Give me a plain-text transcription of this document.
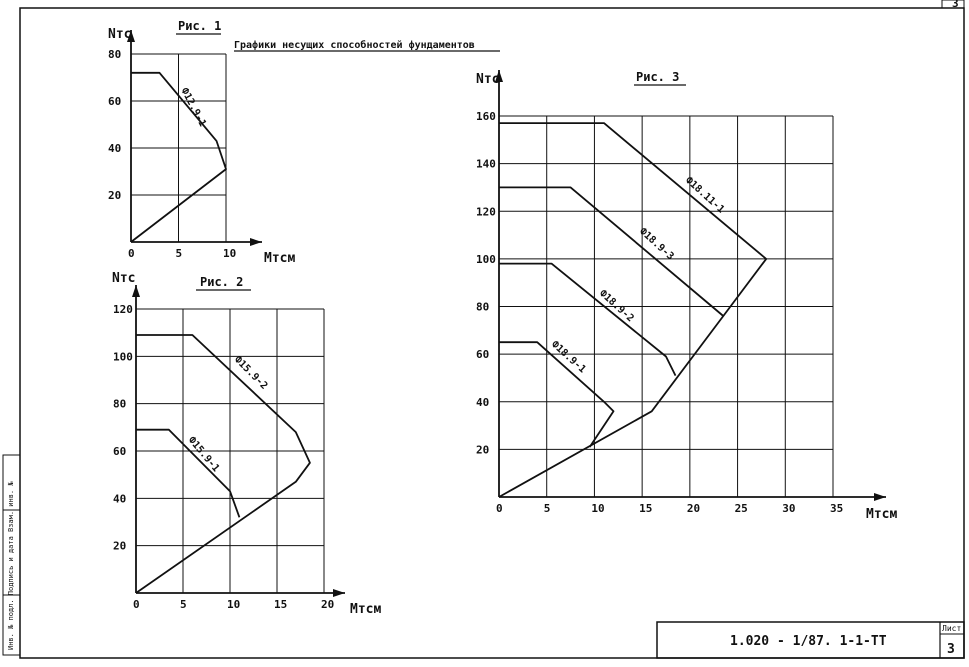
3
Инв. № подл. Подпись и дата Взам. инв. №
Графики несущих способностей фундаментов
1.020 - 1/87. 1-1-ТТ
Лист
3
0	5	10
20
40
60
80
Мтсм
Nтс
Рис. 1
Ф12.9-1
0	5	10	15	20
20
40
60
80
100
120
Мтсм
Nтс	Рис. 2
Ф15.9-2
Ф15.9-1
0	5	10	15	20	25	30	35
20
40
60
80
100
120
140
160
Мтсм
Nтс	Рис. 3
Ф18.11-1
Ф18.9-3
Ф18.9-2
Ф18.9-1
